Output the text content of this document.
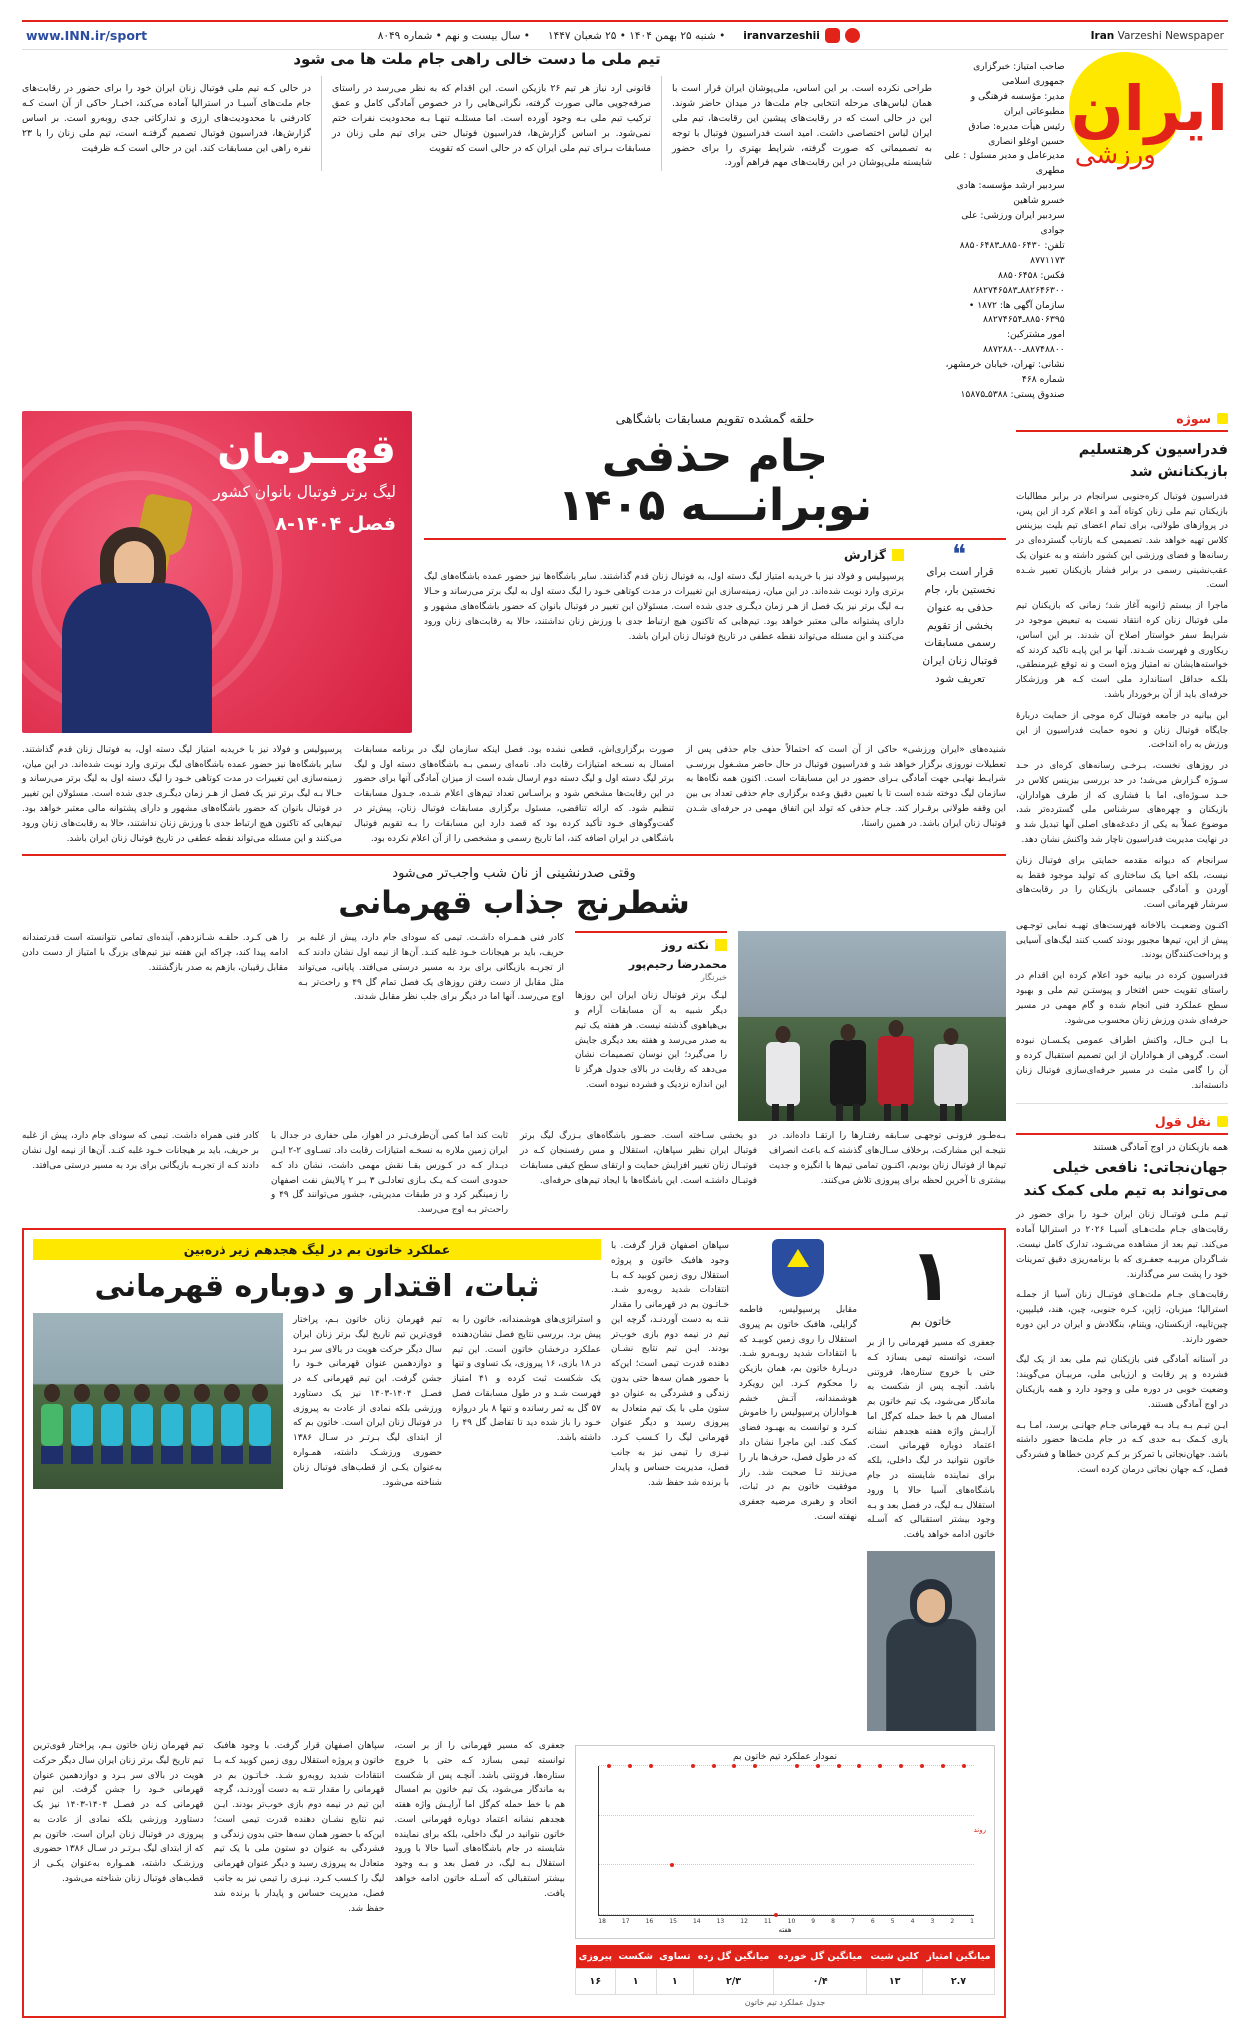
Iran Varzeshi Newspaper
iranvarzeshii
• شنبه ۲۵ بهمن ۱۴۰۴ • ۲۵ شعبان ۱۴۴۷
• سال بیست و نهم • شماره ۸۰۴۹
www.INN.ir/sport
ایران
ورزشی
صاحب امتیاز: خبرگزاری جمهوری اسلامی
مدیر: مؤسسه فرهنگی و مطبوعاتی ایران
رئیس هیأت مدیره: صادق حسین اوغلو انصاری
مدیرعامل و مدیر مسئول : علی مطهری
سردبیر ارشد مؤسسه: هادی خسرو شاهین
سردبیر ایران ورزشی: علی جوادی
تلفن: ۸۸۵۰۶۴۳۰ـ۸۸۵۰۶۴۸۳ ۸۷۷۱۱۷۳
فکس: ۸۸۵۰۶۴۵۸ ۸۸۲۶۴۶۳۰۰ـ۸۸۲۷۴۶۵۸۳
سازمان آگهی ها: ۱۸۷۲ • ۸۸۵۰۶۳۹۵ـ۸۸۲۷۴۶۵۴
امور مشترکین: ۸۸۷۴۸۸۰۰ـ۸۸۷۲۸۸۰۰
نشانی: تهران، خیابان خرمشهر، شماره ۴۶۸
صندوق پستی: ۵۳۸۸ـ۱۵۸۷۵
تیم ملی ما دست خالی راهی جام ملت ها می شود
طراحی نکرده است. بر این اساس، ملی‌پوشان ایران قرار است با همان لباس‌های مرحله انتخابی جام ملت‌ها در میدان حاضر شوند. این در حالی است که در رقابت‌های پیشین این رقابت‌ها، تیم ملی ایران لباس اختصاصی داشت. امید است فدراسیون فوتبال با توجه به تصمیماتی که صورت گرفته، شرایط بهتری را برای حضور شایسته ملی‌پوشان در این رقابت‌های مهم فراهم آورد.
قانونی ارد نیاز هر تیم ۲۶ بازیکن است. این اقدام که به نظر می‌رسد در راستای صرفه‌جویی مالی صورت گرفته، نگرانی‌هایی را در خصوص آمادگی کامل و عمق ترکیب تیم ملی بـه وجود آورده است. اما مسئلـه تنهـا بـه محدودیت نفرات ختم نمی‌شود. بر اساس گزارش‌ها، فدراسیون فوتبال حتی برای تیم ملی زنان در مسابقات بـرای تیم ملی ایران که در حالی است که تقویت
در حالی کـه تیم ملی فوتبال زنان ایران خود را برای حضور در رقابت‌های جام ملت‌های آسیـا در استرالیا آماده می‌کند، اخبـار حاکی از آن است کـه کادرفنی با محدودیت‌های ارزی و تدارکاتی جدی روبه‌رو است. بر اساس گزارش‌ها، فدراسیون فوتبال تصمیم گرفتـه است، تیم ملی زنان را با ۲۳ نفره راهی این مسابقات کند. این در حالی است کـه ظرفیت
سوژه
فدراسیون کرهتسلیم بازیکنانش شد

فدراسیون فوتبال کره‌جنوبی سرانجام در برابر مطالبات بازیکنان تیم ملی زنان کوتاه آمد و اعلام کرد از این پس، در پروازهای طولانی، برای تمام اعضای تیم بلیت بیزینس کلاس تهیه خواهد شد. تصمیمی کـه بازتاب گسترده‌ای در رسانه‌ها و فضای ورزشی این کشور داشته و به عنوان یک عقب‌نشینی رسمی در برابر فشار بازیکنان تعبیر شـده است.

ماجرا از بیستم ژانویه آغاز شد؛ زمانی که بازیکنان تیم ملی فوتبال زنان کره انتقاد نسبت به تبعیض موجود در شرایط سفر خواستار اصلاح آن شدند. بر این اساس، ریکاوری و فهرست شـدند. آنها بر این پایـه تاکید کردند که خواسته‌هایشان نه امتیاز ویژه است و نه توقع غیرمنطقی، بلکـه حداقل استاندارد ملی است کـه هر ورزشکار حرفه‌ای باید از آن برخوردار باشد.

این بیانیه در جامعه فوتبال کره موجی از حمایت دربارهٔ جایگاه فوتبال زنان و نحوه حمایت فدراسیون از این ورزش به راه انداخت.

در روزهای نخست، بـرخـی رسانه‌های کره‌ای در حـد سـوژه گـزارش می‌شد؛ در حد بررسی بیزینس کلاس در حـد سـوژه‌ای، اما با فشاری که از طرف هواداران، بازیکنان و چهره‌های سرشناس ملی گسترده‌تر شد، موضوع عملاً به یکی از دغدغه‌های اصلی آنها تبدیل شد و در نهایت مدیریت فدراسیون ناچار شد واکنش نشان دهد.

سرانجام که دیوانه مقدمه حمایتی برای فوتبال زنان نیست، بلکه احیا یک ساختاری که تولید موجود فقط به آوردن و آمادگی جسمانی بازیکنان را در رقابت‌های سرشار قهرمانی است.

اکنـون وضعیـت بالاخانه فهرست‌های تهیـه نمایی توجـهی پیش از این، تیم‌ها مجبور بودند کسب کنند لیگ‌های آسیایی و پرداخت‌کنندگان بودند.

فدراسیون کرده در بیانیه خود اعلام کرده این اقدام در راستای تقویت حس افتخار و پیوستـن تیم ملی و بهبود سطح عملکرد فنی انجام شده و گام مهمی در مسیر حرفه‌ای شدن ورزش زنان محسوب می‌شود.

بـا ایـن حـال، واکنش اطراف عمومی یکـسـان نبوده است. گروهی از هـواداران از این تصمیم استقبال کرده و آن را گامی مثبت در مسیر حرفه‌ای‌سازی فوتبال زنان دانسته‌اند.

نقل قول
همه بازیکنان در اوج آمادگی هستند
جهان‌نجاتی: نافعی خیلی می‌تواند به تیم ملی کمک کند

تیـم ملـی فوتبـال زنان ایران خـود را برای حضور در رقابت‌های جـام ملت‌هـای آسیـا ۲۰۲۶ در استرالیا آماده می‌کند. تیم بعد از مشاهده می‌شـود، تدارک کامل نیست. شـاگردان مربیـه جعفـری که با برنامه‌ریزی دقیق تمرینات خود را پشت سر می‌گذارند.

رقابت‌هـای جـام ملت‌هـای فوتبـال زنان آسیا از جملـه استرالیا؛ میزبان، ژاپن، کـره جنوبی، چین، هند، فیلیپین، چین‌تایپه، ازبکستان، ویتنام، بنگلادش و ایران در این دوره حضور دارند.

در آستانه آمادگی فنی بازیکنان تیم ملی بعد از یک لیگ فشرده و پر رقابت و ارزیابی ملی، مربیـان می‌گویند: وضعیت خوبی در دوره ملی و وجود دارد و همه بازیکنان در اوج آمادگی هستند.

ایـن تیـم بـه یـاد بـه قهرمانی جـام جهانـی برسد، امـا بـه یاری کـمک بـه حدی کـه در جام ملت‌ها حضور داشته باشد. جهان‌نجاتی با تمرکز بر کـم کردن خطاها و فشردگی فصل، کـه جهان نجاتی درمان کرده است.

حلقه گمشده تقویم مسابقات باشگاهی
جام حذفی
نوبرانـــه ۱۴۰۵
❝
قرار است برای نخستین بار، جام حذفی به عنوان بخشی از تقویم رسمی مسابقات فوتبال زنان ایران تعریف شود
گزارش
پرسپولیس و فولاد نیز با خریدبه امتیاز لیگ دسته اول، به فوتبال زنان قدم گذاشتند. سایر باشگاه‌ها نیز حضور عمده باشگاه‌های لیگ برتری وارد نوبت شده‌اند. در این میان، زمینه‌سازی این تغییرات در مدت کوتاهی خـود را لیگ دسته اول به لیگ برتر می‌رساند و حـالا بـه لیگ برتر نیز یک فصل از هـر زمان دیگـری جدی شده است. مسئولان این تغییر در فوتبال بانوان که حضور باشگاه‌های مشهور و دارای پشتوانه مالی معتبر خواهد بود. تیم‌هایی که تاکنون هیچ ارتباط جدی با ورزش زنان نداشتند، حالا به رقابت‌های زنان ورود می‌کنند و این مسئله می‌تواند نقطه عطفی در تاریخ فوتبال زنان ایران باشد.
قهــرمان
لیگ برتر فوتبال بانوان کشور
فصل ۱۴۰۴-۸
شنیده‌های «ایران ورزشی» حاکی از آن است که احتمالاً حذف جام حذفی پس از تعطیلات نوروزی برگزار خواهد شد و فدراسیون فوتبال در حال حاضر مشـغول بررسـی شرایـط نهایـی جهت آمادگی بـرای حضور در این مسابقات است. اکنون همه نگاه‌ها به سازمان لیگ دوخته شده است تا با تعیین دقیق وعده برگزاری جام حذفی تعداد بی بین این وقفه طولانی برقـرار کند. جـام حذفی که تولد این اتفاق مهمی در حرفه‌ای شـدن فوتبال زنان ایران باشد. در همین راستا،
صورت برگزاری‌اش، قطعی نشده بود. فصل اینکه سازمان لیگ در برنامه مسابقات امسال به نسـخه امتیازات رقابت داد. نامه‌ای رسمی بـه باشگاه‌های دسته اول و لیگ برتر لیگ دسته اول و لیگ دسته دوم ارسال شده است از میزان آمادگی آنها برای حضور در این رقابت‌ها مشخص شود و براسـاس تعداد تیم‌های اعلام شـده، جـدول مسابقات تنظیم شود. که ارائه تناقضی، مسئول برگزاری مسابقات فوتبال زنان، پیش‌تر در گفت‌وگوهای خـود تأکید کرده بود که قصد دارد این مسابقات را بـه تقویم فوتبال باشگاهی در ایران اضافه کند، اما تاریخ رسمی و مشخصی را از آن اعلام نکرده بود.
پرسپولیس و فولاد نیز با خریدبه امتیاز لیگ دسته اول، به فوتبال زنان قدم گذاشتند. سایر باشگاه‌ها نیز حضور عمده باشگاه‌های لیگ برتری وارد نوبت شده‌اند. در این میان، زمینه‌سازی این تغییرات در مدت کوتاهی خـود را لیگ دسته اول به لیگ برتر می‌رساند و حـالا بـه لیگ برتر نیز یک فصل از هـر زمان دیگـری جدی شده است. مسئولان این تغییر در فوتبال بانوان که حضور باشگاه‌های مشهور و دارای پشتوانه مالی معتبر خواهد بود. تیم‌هایی که تاکنون هیچ ارتباط جدی با ورزش زنان نداشتند، حالا به رقابت‌های زنان ورود می‌کنند و این مسئله می‌تواند نقطه عطفی در تاریخ فوتبال زنان ایران باشد.
وقتی صدرنشینی از نان شب واجب‌تر می‌شود
شطرنج جذاب قهرمانی
نکته روز
محمدرضا رحیم‌پور
خبرنگار
لیـگ برتر فوتبال زنان ایران این روزها دیگر شبیه به آن مسابقات آرام و بی‌هیاهوی گذشته نیست. هر هفته یک تیم به صدر می‌رسد و هفته بعد دیگری جایش را می‌گیرد؛ این نوسان تصمیمات نشان می‌دهد که رقابت در بالای جدول هرگز تا این اندازه نزدیک و فشرده نبوده است.
کادر فنی هـمـراه داشـت. تیمی که سودای جام دارد، پیش از غلبه بر حریف، باید بر هیجانات خـود غلبه کنـد. آن‌ها از نیمه اول نشان دادند کـه از تجربـه بازیگانی برای برد به مسیر درستی می‌افتد. پایانی، می‌تواند مثل مقابل از دست رفتن روزهای یک فصل تمام گل ۴۹ و راحت‌تر بـه اوج می‌رسد. آنها اما در دیگر برای جلب نظر مقابل شدند.
را هی کـرد. حلقـه شـانزدهم، آینده‌ای تمامی نتوانسته است قدرتمندانه ادامه پیدا کند، چراکه این هفته نیز تیم‌های بزرگ با امتیاز از دست دادن مقابل رقیبان، بازهم به صدر بازگشتند.
بـه‌طـور فزونـی توجهـی سـابقه رفتـارها را ارتقـا داده‌اند. در نتیجـه این مشارکت، برخلاف سـال‌های گذشته کـه باعث انصراف تیم‌ها از فوتبال زنان بودیم، اکنـون تمامی تیم‌ها با انگیزه و جدیت بیشتری تا آخرین لحظه برای پیروزی تلاش می‌کنند.
دو بخشی سـاخته است. حضـور باشگاه‌های بـزرگ لیگ برتر فوتبال ایران نظیر سپاهان، استقلال و مس رفسنجان کـه در فوتبـال زنان تغییر افزایش حمایت و ارتقای سطح کیفی مسابقات فوتبـال داشتـه است. این باشگاه‌ها با ایجاد تیم‌های حرفه‌ای.
ثابت کند اما کمی آن‌طرف‌تـر در اهواز، ملی حفاری در جدال با ایران زمین ملاره به نسخـه امتیازات رقابت داد. تسـاوی ۲-۲ ایـن دیـدار کـه در کـورس بقـا نقش مهمی داشت، نشان داد کـه حدودی است کـه یـک بـازی تعادلـی ۳ بـر ۲ پالایش نفت اصفهان را زمینگیر کرد و در طبقات مدیریتی، جشور می‌توانند گل ۴۹ و راحت‌تر بـه اوج می‌رسد.
کادر فنی همراه داشت. تیمی که سودای جام دارد، پیش از غلبه بر حریف، باید بر هیجانات خـود غلبه کنـد. آن‌ها از نیمه اول نشان دادند کـه از تجربـه بازیگانی برای برد به مسیر درستی می‌افتد.
۱
خاتون بم
جعفری که مسیر قهرمانی را از بر است، توانسته تیمی بسازد کـه حتی با خروج ستاره‌ها، فروتنی باشد. آنچـه پس از شکست به ماندگار می‌شود، یک تیم خاتون بم امسال هم با خط حمله کم‌گل اما آرایـش واژه هفته هجدهم نشانه اعتماد دوباره قهرمانی است. خاتون نتوانید در لیگ داخلی، بلکه برای نماینده شایسته در جام باشگاه‌های آسیا حالا با ورود استقلال بـه لیگ، در فصل بعد و بـه وجود بیشتر استقبالی که آسـله خاتون ادامه خواهد یافت.
مقابل پرسپولیس، فاطمه گرایلی، هافبک خاتون بم پیروی استقلال را روی زمین کوبیـد که با انتقادات شدید روبـه‌رو شـد. دربـارهٔ خاتون بم، همان بازیکن را محکوم کـرد. این رویکرد هوشمندانه، آتـش خشم هـواداران پرسپولیس را خاموش کـرد و توانست به بهبـود فضای کمک کند. این ماجرا نشان داد که در طول فصل، حرف‌ها بار را می‌زنند تـا صحبت شد. راز موفقیت خاتون بم در ثبات، اتحاد و رهبری مرضیه جعفری نهفته است.
سپاهان اصفهان قرار گرفت. با وجود هافبک خاتون و پروژه استقلال روی زمین کوبید کـه بـا انتقادات شدید روبه‌رو شـد. خـاتـون بم در قهرمانی را مقدار نتـه به دست آوردنـد، گرچه این تیم در نیمه دوم بازی خوب‌تر بودند. ایـن تیم نتایج نشـان دهنده قدرت تیمی است؛ این‌که با حضور همان سه‌ها حتی بدون زندگی و فشردگی به عنوان دو ستون ملی با یک تیم متعادل به پیروزی رسید و دیگر عنوان قهرمانی لیگ را کـسب کـرد. نیـزی را تیمی نیز به جانب فصل، مدیریت حساس و پایدار با برنده شد حفظ شد.
عملکرد خاتون بم در لیگ هجدهم زیر ذره‌بین
ثبات، اقتدار و دوباره قهرمانی
و استراتژی‌های هوشمندانه، خاتون را به پیش برد. بررسی نتایج فصل نشان‌دهنده عملکرد درخشان خاتون است. این تیم در ۱۸ بازی، ۱۶ پیروزی، یک تساوی و تنها یک شکست ثبت کرده و ۴۱ امتیاز فهرست شـد و در طول مسابقات فصل ۵۷ گل به ثمر رسانده و تنها ۸ بار دروازه خـود را باز شده دید تا تفاضل گل ۴۹ را داشته باشد.
تیم قهرمان زنان خاتون بـم، پراختار قوی‌ترین تیم تاریخ لیگ برتر زنان ایران سال دیگر حرکت هویت در بالای سر بـرد و دوازدهمین عنوان قهرمانی خـود را جشن گرفت. این تیم قهرمانی کـه در فصـل ۱۴۰۴-۱۴۰۳ نیز یک دستاورد ورزشی بلکه نمادی از عادت به پیروزی در فوتبال زنان ایران است. خاتون بم که از ابتدای لیگ بـرتـر در سـال ۱۳۸۶ حضوری ورزشـک داشته، همـواره به‌عنوان یکـی از قطب‌های فوتبال زنان شناخته می‌شود.
نمودار عملکرد تیم خاتون بم
روند
1
2
3
4
5
6
7
8
9
10
11
12
13
14
15
16
17
18
هفته
میانگین امتیاز	کلین شیت	میانگین گل خورده	میانگین گل زده	تساوی	شکست	پیروزی
۲.۷	۱۳	۰/۴	۲/۳	۱	۱	۱۶
جدول عملکرد تیم خاتون
جعفری که مسیر قهرمانی را از بر است، توانسته تیمی بسازد کـه حتی با خروج ستاره‌ها، فروتنی باشد. آنچـه پس از شکست به ماندگار می‌شود، یک تیم خاتون بم امسال هم با خط حمله کم‌گل اما آرایـش واژه هفته هجدهم نشانه اعتماد دوباره قهرمانی است. خاتون نتوانید در لیگ داخلی، بلکه برای نماینده شایسته در جام باشگاه‌های آسیا حالا با ورود استقلال بـه لیگ، در فصل بعد و بـه وجود بیشتر استقبالی که آسـله خاتون ادامه خواهد یافت.
سپاهان اصفهان قرار گرفت. با وجود هافبک خاتون و پروژه استقلال روی زمین کوبید کـه بـا انتقادات شدید روبه‌رو شـد. خـاتـون بم در قهرمانی را مقدار نتـه به دست آوردنـد، گرچه این تیم در نیمه دوم بازی خوب‌تر بودند. ایـن تیم نتایج نشـان دهنده قدرت تیمی است؛ این‌که با حضور همان سه‌ها حتی بدون زندگی و فشردگی به عنوان دو ستون ملی با یک تیم متعادل به پیروزی رسید و دیگر عنوان قهرمانی لیگ را کـسب کـرد. نیـزی را تیمی نیز به جانب فصل، مدیریت حساس و پایدار با برنده شد حفظ شد.
تیم قهرمان زنان خاتون بـم، پراختار قوی‌ترین تیم تاریخ لیگ برتر زنان ایران سال دیگر حرکت هویت در بالای سر بـرد و دوازدهمین عنوان قهرمانی خـود را جشن گرفت. این تیم قهرمانی کـه در فصـل ۱۴۰۴-۱۴۰۳ نیز یک دستاورد ورزشی بلکه نمادی از عادت به پیروزی در فوتبال زنان ایران است. خاتون بم که از ابتدای لیگ بـرتـر در سـال ۱۳۸۶ حضوری ورزشـک داشته، همـواره به‌عنوان یکـی از قطب‌های فوتبال زنان شناخته می‌شود.
